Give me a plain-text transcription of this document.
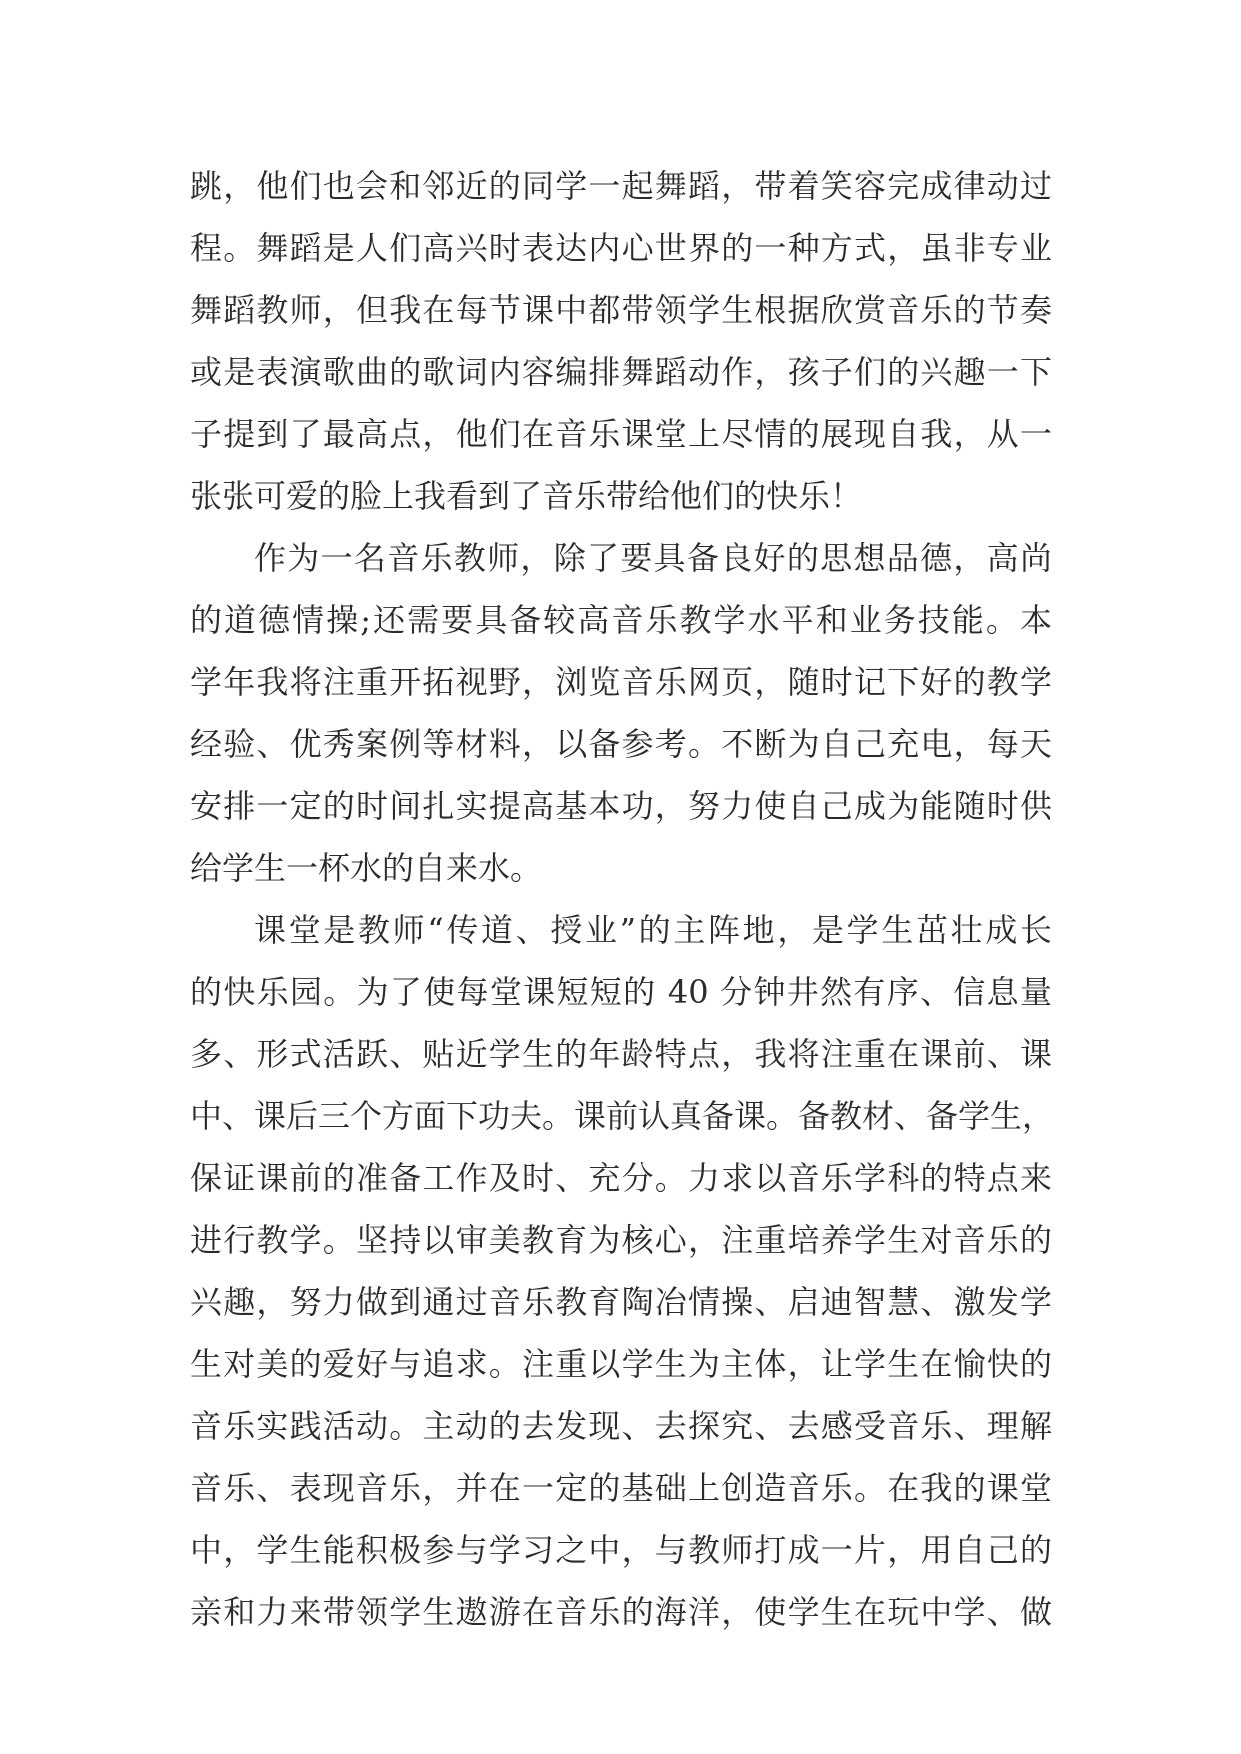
跳，他们也会和邻近的同学一起舞蹈，带着笑容完成律动过
程。舞蹈是人们高兴时表达内心世界的一种方式，虽非专业
舞蹈教师，但我在每节课中都带领学生根据欣赏音乐的节奏
或是表演歌曲的歌词内容编排舞蹈动作，孩子们的兴趣一下
子提到了最高点，他们在音乐课堂上尽情的展现自我，从一
张张可爱的脸上我看到了音乐带给他们的快乐！
作为一名音乐教师，除了要具备良好的思想品德，高尚
的道德情操;还需要具备较高音乐教学水平和业务技能。本
学年我将注重开拓视野，浏览音乐网页，随时记下好的教学
经验、优秀案例等材料，以备参考。不断为自己充电，每天
安排一定的时间扎实提高基本功，努力使自己成为能随时供
给学生一杯水的自来水。
课堂是教师“传道、授业”的主阵地，是学生茁壮成长
的快乐园。为了使每堂课短短的 40 分钟井然有序、信息量
多、形式活跃、贴近学生的年龄特点，我将注重在课前、课
中、课后三个方面下功夫。课前认真备课。备教材、备学生，
保证课前的准备工作及时、充分。力求以音乐学科的特点来
进行教学。坚持以审美教育为核心，注重培养学生对音乐的
兴趣，努力做到通过音乐教育陶冶情操、启迪智慧、激发学
生对美的爱好与追求。注重以学生为主体，让学生在愉快的
音乐实践活动。主动的去发现、去探究、去感受音乐、理解
音乐、表现音乐，并在一定的基础上创造音乐。在我的课堂
中，学生能积极参与学习之中，与教师打成一片，用自己的
亲和力来带领学生遨游在音乐的海洋，使学生在玩中学、做
